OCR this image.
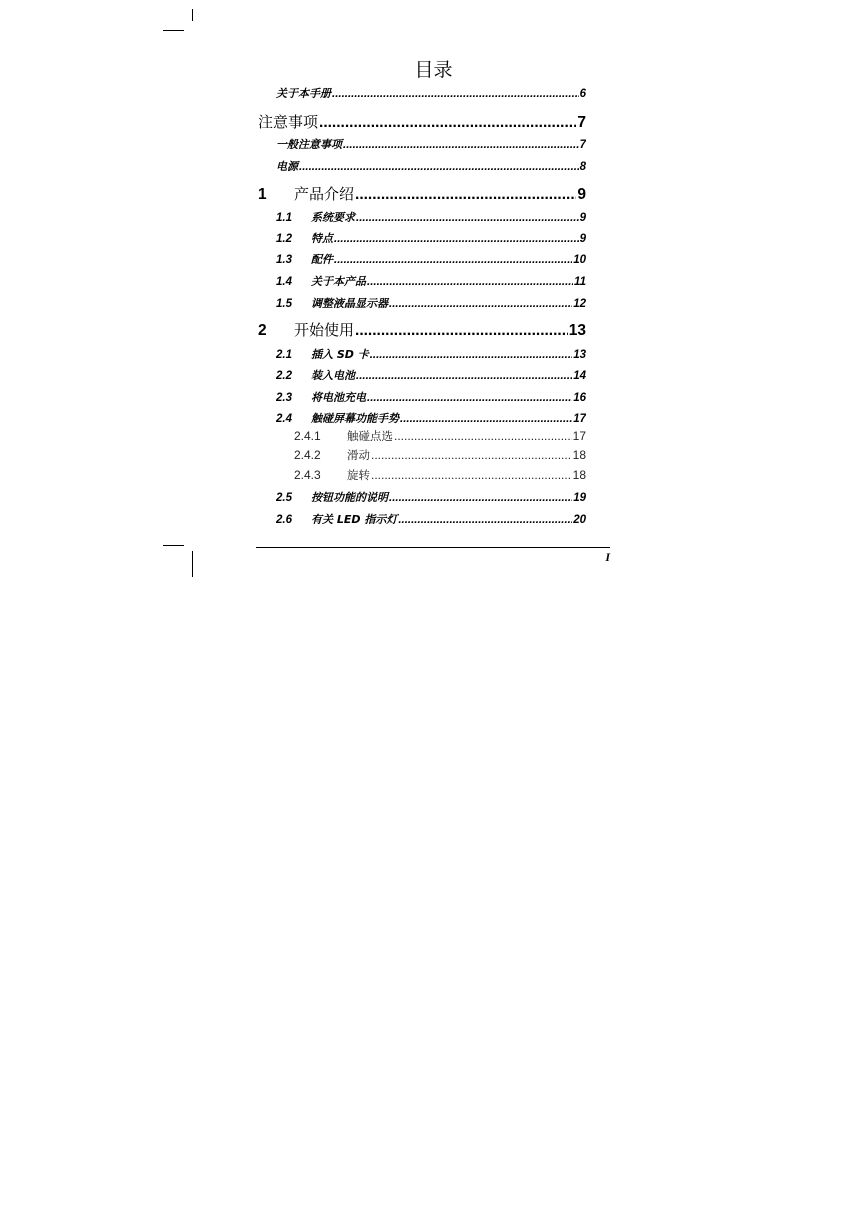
目录
关于本手册 .....	6
注意事项 .....	7
一般注意事项 .....	7
电源 .....	8
1	产品介绍 .....	9
1.1	系统要求 .....	9
1.2	特点 .....	9
1.3	配件 .....	10
1.4	关于本产品 .....	11
1.5	调整液晶显示器 .....	12
2	开始使用 .....	13
2.1	插入 SD 卡 .....	13
2.2	装入电池 .....	14
2.3	将电池充电 .....	16
2.4	触碰屏幕功能手势 .....	17
2.4.1	触碰点选 .....	17
2.4.2	滑动 .....	18
2.4.3	旋转 .....	18
2.5	按钮功能的说明 .....	19
2.6	有关 LED 指示灯 .....	20
I
